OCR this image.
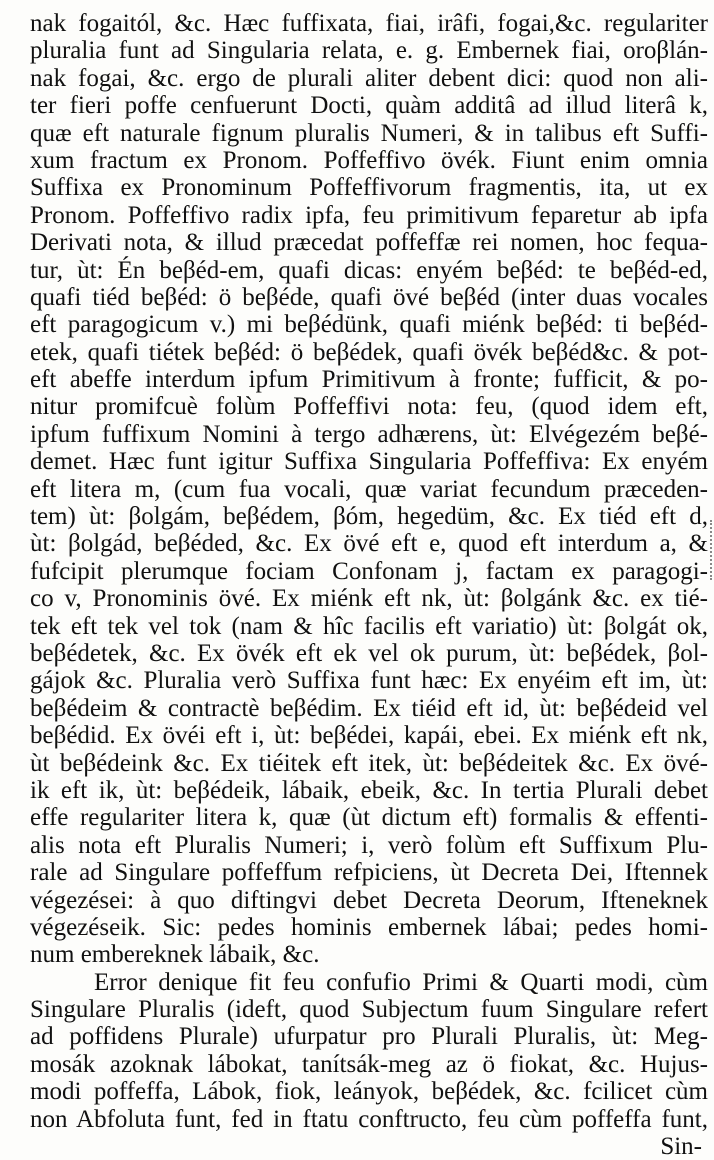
nak fogaitól, &c. Hæc fuffixata, fiai, irâfi, fogai,&c. regulariter
pluralia funt ad Singularia relata, e. g. Embernek fiai, oroβlán-
nak fogai, &c. ergo de plurali aliter debent dici: quod non ali-
ter fieri poffe cenfuerunt Docti, quàm additâ ad illud literâ k,
quæ eft naturale fignum pluralis Numeri, & in talibus eft Suffi-
xum fractum ex Pronom. Poffeffivo övék. Fiunt enim omnia
Suffixa ex Pronominum Poffeffivorum fragmentis, ita, ut ex
Pronom. Poffeffivo radix ipfa, feu primitivum feparetur ab ipfa
Derivati nota, & illud præcedat poffeffæ rei nomen, hoc fequa-
tur, ùt: Én beβéd-em, quafi dicas: enyém beβéd: te beβéd-ed,
quafi tiéd beβéd: ö beβéde, quafi övé beβéd (inter duas vocales
eft paragogicum v.) mi beβédünk, quafi miénk beβéd: ti beβéd-
etek, quafi tiétek beβéd: ö beβédek, quafi övék beβéd&c. & pot-
eft abeffe interdum ipfum Primitivum à fronte; fufficit, & po-
nitur promifcuè folùm Poffeffivi nota: feu, (quod idem eft,
ipfum fuffixum Nomini à tergo adhærens, ùt: Elvégezém beβé-
demet. Hæc funt igitur Suffixa Singularia Poffeffiva: Ex enyém
eft litera m, (cum fua vocali, quæ variat fecundum præceden-
tem) ùt: βolgám, beβédem, βóm, hegedüm, &c. Ex tiéd eft d,
ùt: βolgád, beβéded, &c. Ex övé eft e, quod eft interdum a, &
fufcipit plerumque fociam Confonam j, factam ex paragogi-
co v, Pronominis övé. Ex miénk eft nk, ùt: βolgánk &c. ex tié-
tek eft tek vel tok (nam & hîc facilis eft variatio) ùt: βolgát ok,
beβédetek, &c. Ex övék eft ek vel ok purum, ùt: beβédek, βol-
gájok &c. Pluralia verò Suffixa funt hæc: Ex enyéim eft im, ùt:
beβédeim & contractè beβédim. Ex tiéid eft id, ùt: beβédeid vel
beβédid. Ex övéi eft i, ùt: beβédei, kapái, ebei. Ex miénk eft nk,
ùt beβédeink &c. Ex tiéitek eft itek, ùt: beβédeitek &c. Ex övé-
ik eft ik, ùt: beβédeik, lábaik, ebeik, &c. In tertia Plurali debet
effe regulariter litera k, quæ (ùt dictum eft) formalis & effenti-
alis nota eft Pluralis Numeri; i, verò folùm eft Suffixum Plu-
rale ad Singulare poffeffum refpiciens, ùt Decreta Dei, Iftennek
végezései: à quo diftingvi debet Decreta Deorum, Ifteneknek
végezéseik. Sic: pedes hominis embernek lábai; pedes homi-
num embereknek lábaik, &c.
Error denique fit feu confufio Primi & Quarti modi, cùm
Singulare Pluralis (ideft, quod Subjectum fuum Singulare refert
ad poffidens Plurale) ufurpatur pro Plurali Pluralis, ùt: Meg-
mosák azoknak lábokat, tanítsák-meg az ö fiokat, &c. Hujus-
modi poffeffa, Lábok, fiok, leányok, beβédek, &c. fcilicet cùm
non Abfoluta funt, fed in ftatu conftructo, feu cùm poffeffa funt,
Sin-
